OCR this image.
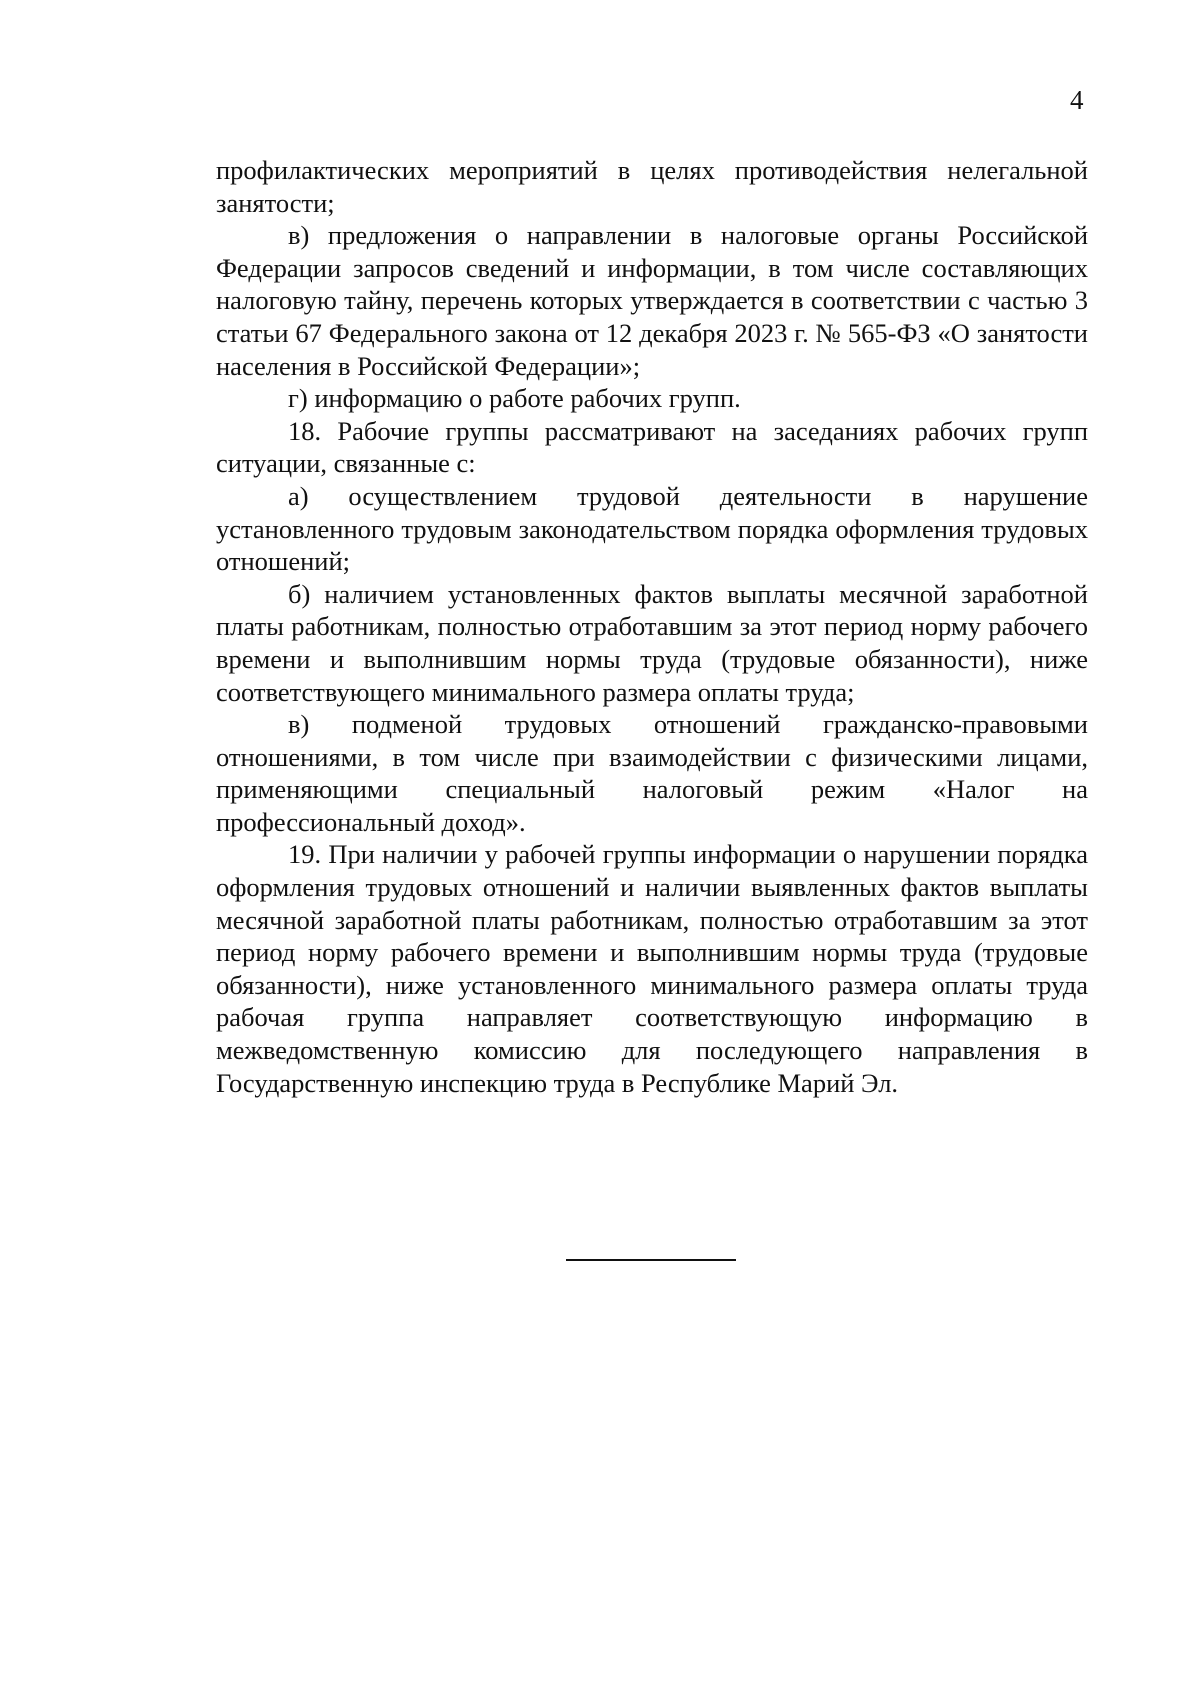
4

профилактических мероприятий в целях противодействия нелегальной занятости;

в) предложения о направлении в налоговые органы Российской Федерации запросов сведений и информации, в том числе составляющих налоговую тайну, перечень которых утверждается в соответствии с частью 3 статьи 67 Федерального закона от 12 декабря 2023 г. № 565-ФЗ «О занятости населения в Российской Федерации»;

г) информацию о работе рабочих групп.

18. Рабочие группы рассматривают на заседаниях рабочих групп ситуации, связанные с:

а) осуществлением трудовой деятельности в нарушение установленного трудовым законодательством порядка оформления трудовых отношений;

б) наличием установленных фактов выплаты месячной заработной платы работникам, полностью отработавшим за этот период норму рабочего времени и выполнившим нормы труда (трудовые обязанности), ниже соответствующего минимального размера оплаты труда;

в) подменой трудовых отношений гражданско-правовыми отношениями, в том числе при взаимодействии с физическими лицами, применяющими специальный налоговый режим «Налог на профессиональный доход».

19. При наличии у рабочей группы информации о нарушении порядка оформления трудовых отношений и наличии выявленных фактов выплаты месячной заработной платы работникам, полностью отработавшим за этот период норму рабочего времени и выполнившим нормы труда (трудовые обязанности), ниже установленного минимального размера оплаты труда рабочая группа направляет соответствующую информацию в межведомственную комиссию для последующего направления в Государственную инспекцию труда в Республике Марий Эл.
